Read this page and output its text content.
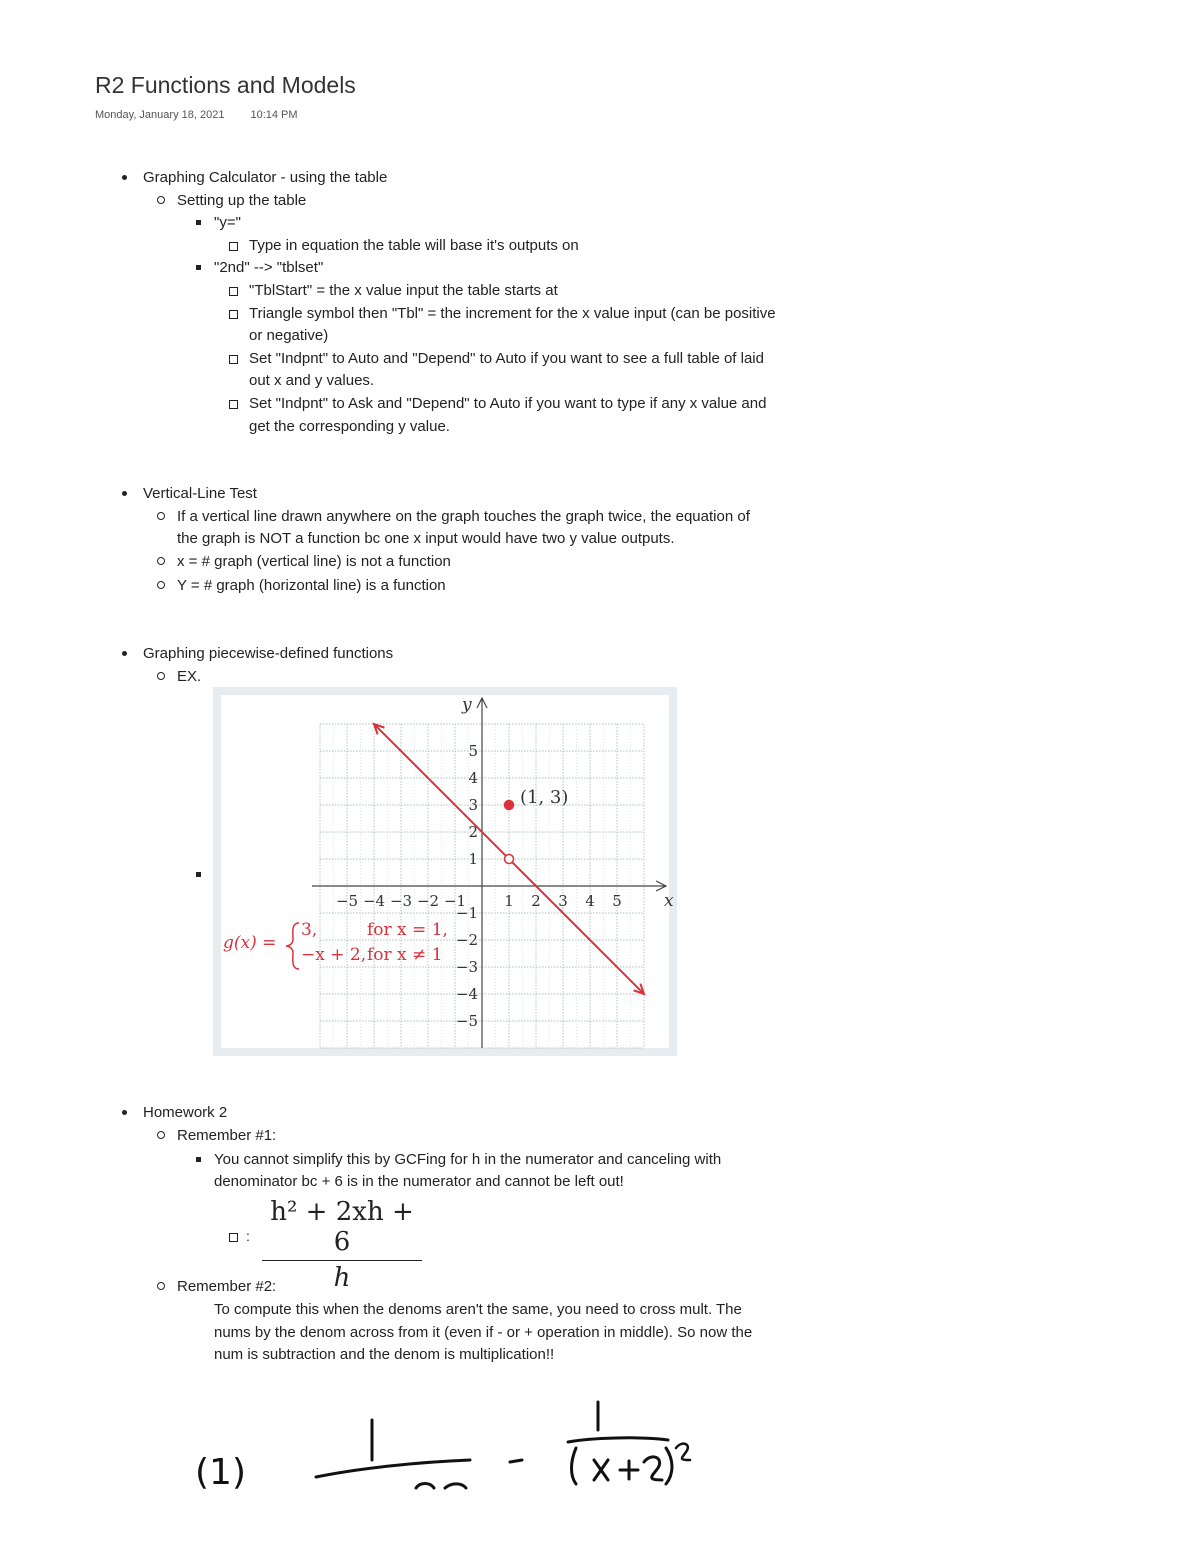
R2 Functions and Models
Monday, January 18, 2021 10:14 PM
Graphing Calculator - using the table
Setting up the table
"y="
Type in equation the table will base it's outputs on
"2nd" --> "tblset"
"TblStart" = the x value input the table starts at
Triangle symbol then "Tbl" = the increment for the x value input (can be positive
or negative)
Set "Indpnt" to Auto and "Depend" to Auto if you want to see a full table of laid
out x and y values.
Set "Indpnt" to Ask and "Depend" to Auto if you want to type if any x value and
get the corresponding y value.
Vertical-Line Test
If a vertical line drawn anywhere on the graph touches the graph twice, the equation of
the graph is NOT a function bc one x input would have two y value outputs.
x = # graph (vertical line) is not a function
Y = # graph (horizontal line) is a function
Graphing piecewise-defined functions
EX.
x
y
−5 −4 −3 −2 −1	1 2 3 4 5
−5
−4
−3
−2
−1
1
2
3
4
5
(1, 3)
g(x) =
3,	for x = 1,
−x + 2, for x ≠ 1
Homework 2
Remember #1:
You cannot simplify this by GCFing for h in the numerator and canceling with
denominator bc + 6 is in the numerator and cannot be left out!
: $\frac{\text{h² + 2xh + 6}}{h}$
Remember #2:
To compute this when the denoms aren't the same, you need to cross mult. The
nums by the denom across from it (even if - or + operation in middle). So now the
num is subtraction and the denom is multiplication!!
(1)
